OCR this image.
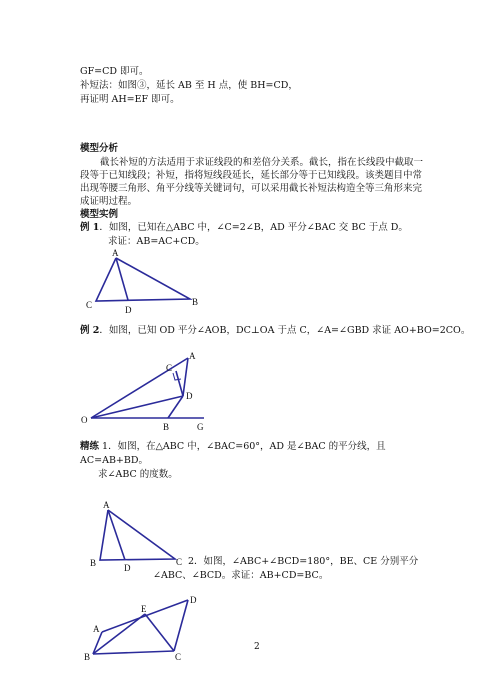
GF=CD 即可。
补短法：如图③，延长 AB 至 H 点，使 BH=CD，
再证明 AH=EF 即可。
模型分析
截长补短的方法适用于求证线段的和差倍分关系。截长，指在长线段中截取一段等于已知线段；补短，指将短线段延长，延长部分等于已知线段。该类题目中常出现等腰三角形、角平分线等关键词句，可以采用截长补短法构造全等三角形来完成证明过程。
模型实例
例 1．如图，已知在△ABC 中，∠C=2∠B，AD 平分∠BAC 交 BC 于点 D。
求证：AB=AC+CD。
A
C	D
B
例 2．如图，已知 OD 平分∠AOB，DC⊥OA 于点 C，∠A=∠GBD 求证 AO+BO=2CO。
A
C
D
O
B	G
精练 1．如图，在△ABC 中，∠BAC=60°，AD 是∠BAC 的平分线，且
AC=AB+BD。
求∠ABC 的度数。
A
B	D
C 2．如图，∠ABC+∠BCD=180°，BE、CE 分别平分
∠ABC、∠BCD。求证：AB+CD=BC。
A
E
D
B	C
2
